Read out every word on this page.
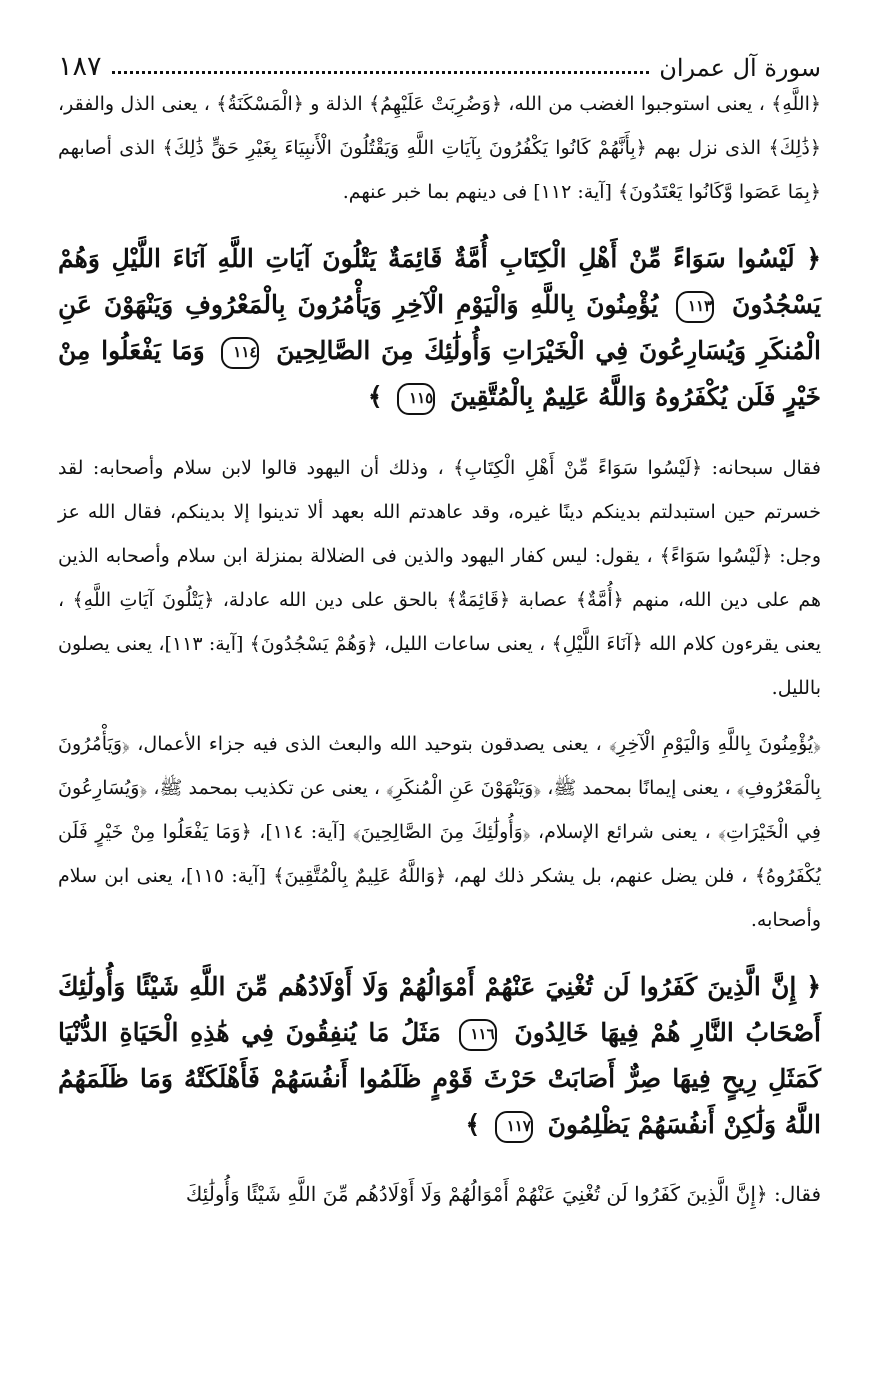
سورة آل عمران
١٨٧

﴿اللَّهِ﴾ ، يعنى استوجبوا الغضب من الله، ﴿وَضُرِبَتْ عَلَيْهِمُ﴾ الذلة و ﴿الْمَسْكَنَةُ﴾ ، يعنى الذل والفقر، ﴿ذَٰلِكَ﴾ الذى نزل بهم ﴿بِأَنَّهُمْ كَانُوا يَكْفُرُونَ بِآيَاتِ اللَّهِ وَيَقْتُلُونَ الْأَنبِيَاءَ بِغَيْرِ حَقٍّ ذَٰلِكَ﴾ الذى أصابهم ﴿بِمَا عَصَوا وَّكَانُوا يَعْتَدُونَ﴾ [آية: ١١٢] فى دينهم بما خبر عنهم.

﴿ لَيْسُوا سَوَاءً مِّنْ أَهْلِ الْكِتَابِ أُمَّةٌ قَائِمَةٌ يَتْلُونَ آيَاتِ اللَّهِ آنَاءَ اللَّيْلِ وَهُمْ يَسْجُدُونَ ١١٣ يُؤْمِنُونَ بِاللَّهِ وَالْيَوْمِ الْآخِرِ وَيَأْمُرُونَ بِالْمَعْرُوفِ وَيَنْهَوْنَ عَنِ الْمُنكَرِ وَيُسَارِعُونَ فِي الْخَيْرَاتِ وَأُولَٰئِكَ مِنَ الصَّالِحِينَ ١١٤ وَمَا يَفْعَلُوا مِنْ خَيْرٍ فَلَن يُكْفَرُوهُ وَاللَّهُ عَلِيمٌ بِالْمُتَّقِينَ ١١٥ ﴾

فقال سبحانه: ﴿لَيْسُوا سَوَاءً مِّنْ أَهْلِ الْكِتَابِ﴾ ، وذلك أن اليهود قالوا لابن سلام وأصحابه: لقد خسرتم حين استبدلتم بدينكم دينًا غيره، وقد عاهدتم الله بعهد ألا تدينوا إلا بدينكم، فقال الله عز وجل: ﴿لَيْسُوا سَوَاءً﴾ ، يقول: ليس كفار اليهود والذين فى الضلالة بمنزلة ابن سلام وأصحابه الذين هم على دين الله، منهم ﴿أُمَّةٌ﴾ عصابة ﴿قَائِمَةٌ﴾ بالحق على دين الله عادلة، ﴿يَتْلُونَ آيَاتِ اللَّهِ﴾ ، يعنى يقرءون كلام الله ﴿آنَاءَ اللَّيْلِ﴾ ، يعنى ساعات الليل، ﴿وَهُمْ يَسْجُدُونَ﴾ [آية: ١١٣]، يعنى يصلون بالليل.

﴿يُؤْمِنُونَ بِاللَّهِ وَالْيَوْمِ الْآخِرِ﴾ ، يعنى يصدقون بتوحيد الله والبعث الذى فيه جزاء الأعمال، ﴿وَيَأْمُرُونَ بِالْمَعْرُوفِ﴾ ، يعنى إيمانًا بمحمد ﷺ، ﴿وَيَنْهَوْنَ عَنِ الْمُنكَرِ﴾ ، يعنى عن تكذيب بمحمد ﷺ، ﴿وَيُسَارِعُونَ فِي الْخَيْرَاتِ﴾ ، يعنى شرائع الإسلام، ﴿وَأُولَٰئِكَ مِنَ الصَّالِحِينَ﴾ [آية: ١١٤]، ﴿وَمَا يَفْعَلُوا مِنْ خَيْرٍ فَلَن يُكْفَرُوهُ﴾ ، فلن يضل عنهم، بل يشكر ذلك لهم، ﴿وَاللَّهُ عَلِيمٌ بِالْمُتَّقِينَ﴾ [آية: ١١٥]، يعنى ابن سلام وأصحابه.

﴿ إِنَّ الَّذِينَ كَفَرُوا لَن تُغْنِيَ عَنْهُمْ أَمْوَالُهُمْ وَلَا أَوْلَادُهُم مِّنَ اللَّهِ شَيْئًا وَأُولَٰئِكَ أَصْحَابُ النَّارِ هُمْ فِيهَا خَالِدُونَ ١١٦ مَثَلُ مَا يُنفِقُونَ فِي هَٰذِهِ الْحَيَاةِ الدُّنْيَا كَمَثَلِ رِيحٍ فِيهَا صِرٌّ أَصَابَتْ حَرْثَ قَوْمٍ ظَلَمُوا أَنفُسَهُمْ فَأَهْلَكَتْهُ وَمَا ظَلَمَهُمُ اللَّهُ وَلَٰكِنْ أَنفُسَهُمْ يَظْلِمُونَ ١١٧ ﴾

فقال: ﴿إِنَّ الَّذِينَ كَفَرُوا لَن تُغْنِيَ عَنْهُمْ أَمْوَالُهُمْ وَلَا أَوْلَادُهُم مِّنَ اللَّهِ شَيْئًا وَأُولَٰئِكَ
